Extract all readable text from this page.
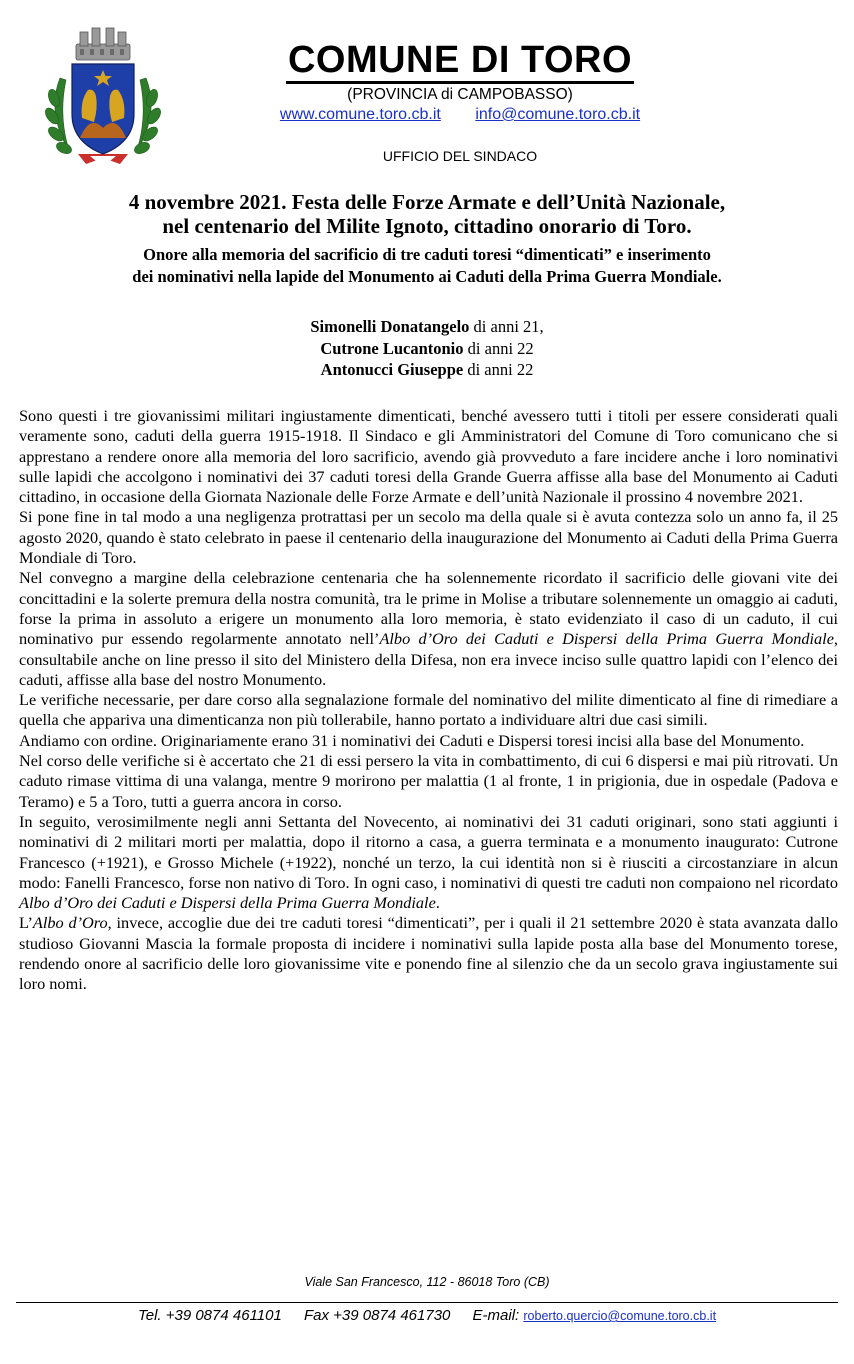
COMUNE DI TORO
(PROVINCIA di CAMPOBASSO)
www.comune.toro.cb.it info@comune.toro.cb.it
UFFICIO DEL SINDACO
4 novembre 2021. Festa delle Forze Armate e dell’Unità Nazionale,
nel centenario del Milite Ignoto, cittadino onorario di Toro.
Onore alla memoria del sacrificio di tre caduti toresi “dimenticati” e inserimento
dei nominativi nella lapide del Monumento ai Caduti della Prima Guerra Mondiale.
Simonelli Donatangelo di anni 21,
Cutrone Lucantonio di anni 22
Antonucci Giuseppe di anni 22

Sono questi i tre giovanissimi militari ingiustamente dimenticati, benché avessero tutti i titoli per essere considerati quali veramente sono, caduti della guerra 1915-1918. Il Sindaco e gli Amministratori del Comune di Toro comunicano che si apprestano a rendere onore alla memoria del loro sacrificio, avendo già provveduto a fare incidere anche i loro nominativi sulle lapidi che accolgono i nominativi dei 37 caduti toresi della Grande Guerra affisse alla base del Monumento ai Caduti cittadino, in occasione della Giornata Nazionale delle Forze Armate e dell’unità Nazionale il prossino 4 novembre 2021.

Si pone fine in tal modo a una negligenza protrattasi per un secolo ma della quale si è avuta contezza solo un anno fa, il 25 agosto 2020, quando è stato celebrato in paese il centenario della inaugurazione del Monumento ai Caduti della Prima Guerra Mondiale di Toro.

Nel convegno a margine della celebrazione centenaria che ha solennemente ricordato il sacrificio delle giovani vite dei concittadini e la solerte premura della nostra comunità, tra le prime in Molise a tributare solennemente un omaggio ai caduti, forse la prima in assoluto a erigere un monumento alla loro memoria, è stato evidenziato il caso di un caduto, il cui nominativo pur essendo regolarmente annotato nell’Albo d’Oro dei Caduti e Dispersi della Prima Guerra Mondiale, consultabile anche on line presso il sito del Ministero della Difesa, non era invece inciso sulle quattro lapidi con l’elenco dei caduti, affisse alla base del nostro Monumento.

Le verifiche necessarie, per dare corso alla segnalazione formale del nominativo del milite dimenticato al fine di rimediare a quella che appariva una dimenticanza non più tollerabile, hanno portato a individuare altri due casi simili.

Andiamo con ordine. Originariamente erano 31 i nominativi dei Caduti e Dispersi toresi incisi alla base del Monumento.

Nel corso delle verifiche si è accertato che 21 di essi persero la vita in combattimento, di cui 6 dispersi e mai più ritrovati. Un caduto rimase vittima di una valanga, mentre 9 morirono per malattia (1 al fronte, 1 in prigionia, due in ospedale (Padova e Teramo) e 5 a Toro, tutti a guerra ancora in corso.

In seguito, verosimilmente negli anni Settanta del Novecento, ai nominativi dei 31 caduti originari, sono stati aggiunti i nominativi di 2 militari morti per malattia, dopo il ritorno a casa, a guerra terminata e a monumento inaugurato: Cutrone Francesco (+1921), e Grosso Michele (+1922), nonché un terzo, la cui identità non si è riusciti a circostanziare in alcun modo: Fanelli Francesco, forse non nativo di Toro. In ogni caso, i nominativi di questi tre caduti non compaiono nel ricordato Albo d’Oro dei Caduti e Dispersi della Prima Guerra Mondiale.

L’Albo d’Oro, invece, accoglie due dei tre caduti toresi “dimenticati”, per i quali il 21 settembre 2020 è stata avanzata dallo studioso Giovanni Mascia la formale proposta di incidere i nominativi sulla lapide posta alla base del Monumento torese, rendendo onore al sacrificio delle loro giovanissime vite e ponendo fine al silenzio che da un secolo grava ingiustamente sui loro nomi.

Viale San Francesco, 112 - 86018 Toro (CB)
Tel. +39 0874 461101 Fax +39 0874 461730 E-mail: roberto.quercio@comune.toro.cb.it
